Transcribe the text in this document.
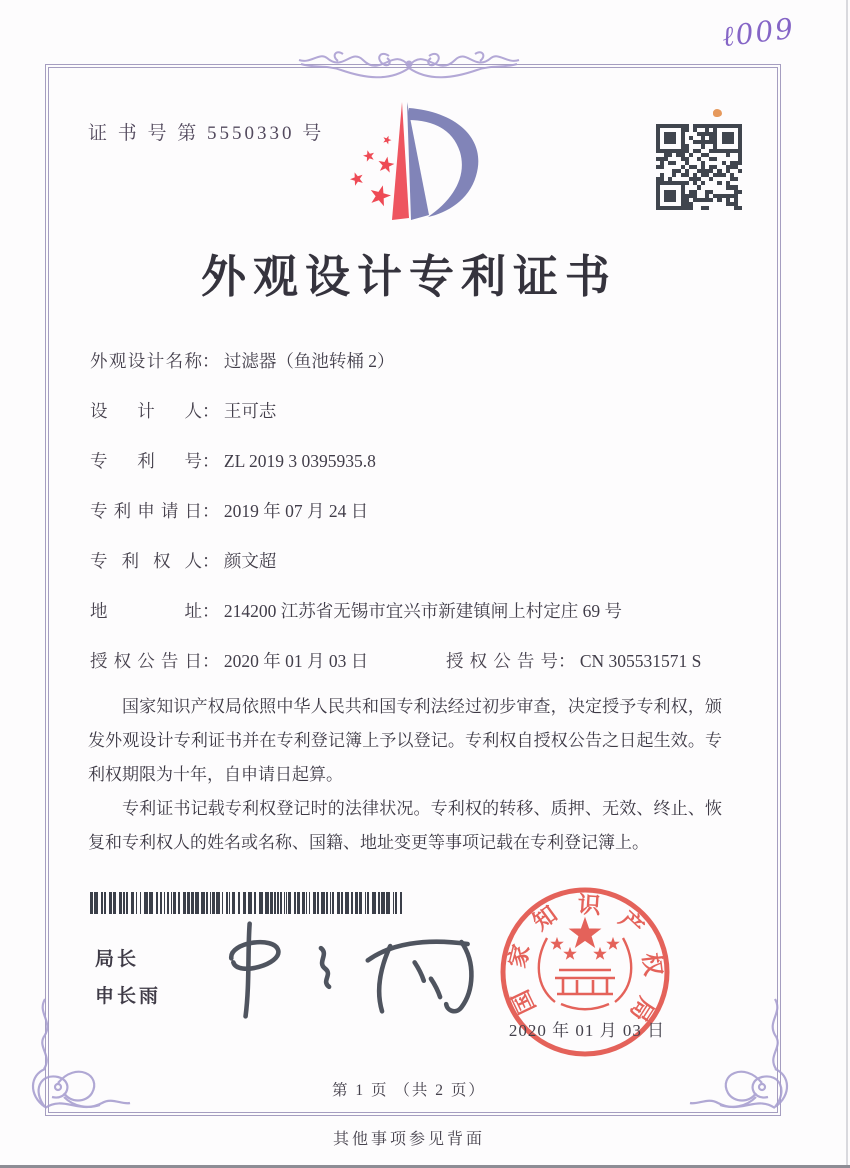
ℓ009
证 书 号 第 5550330 号
外观设计专利证书
外观设计名称： 过滤器（鱼池转桶 2）
设计人： 王可志
专利号： ZL 2019 3 0395935.8
专利申请日： 2019 年 07 月 24 日
专利权人： 颜文超
地址： 214200 江苏省无锡市宜兴市新建镇闸上村定庄 69 号
授权公告日： 2020 年 01 月 03 日	授权公告号： CN 305531571 S

国家知识产权局依照中华人民共和国专利法经过初步审查，决定授予专利权，颁发外观设计专利证书并在专利登记簿上予以登记。专利权自授权公告之日起生效。专利权期限为十年，自申请日起算。

专利证书记载专利权登记时的法律状况。专利权的转移、质押、无效、终止、恢复和专利权人的姓名或名称、国籍、地址变更等事项记载在专利登记簿上。

局长
申长雨	国家知识产权局
2020 年 01 月 03 日
第 1 页 （共 2 页）
其他事项参见背面
